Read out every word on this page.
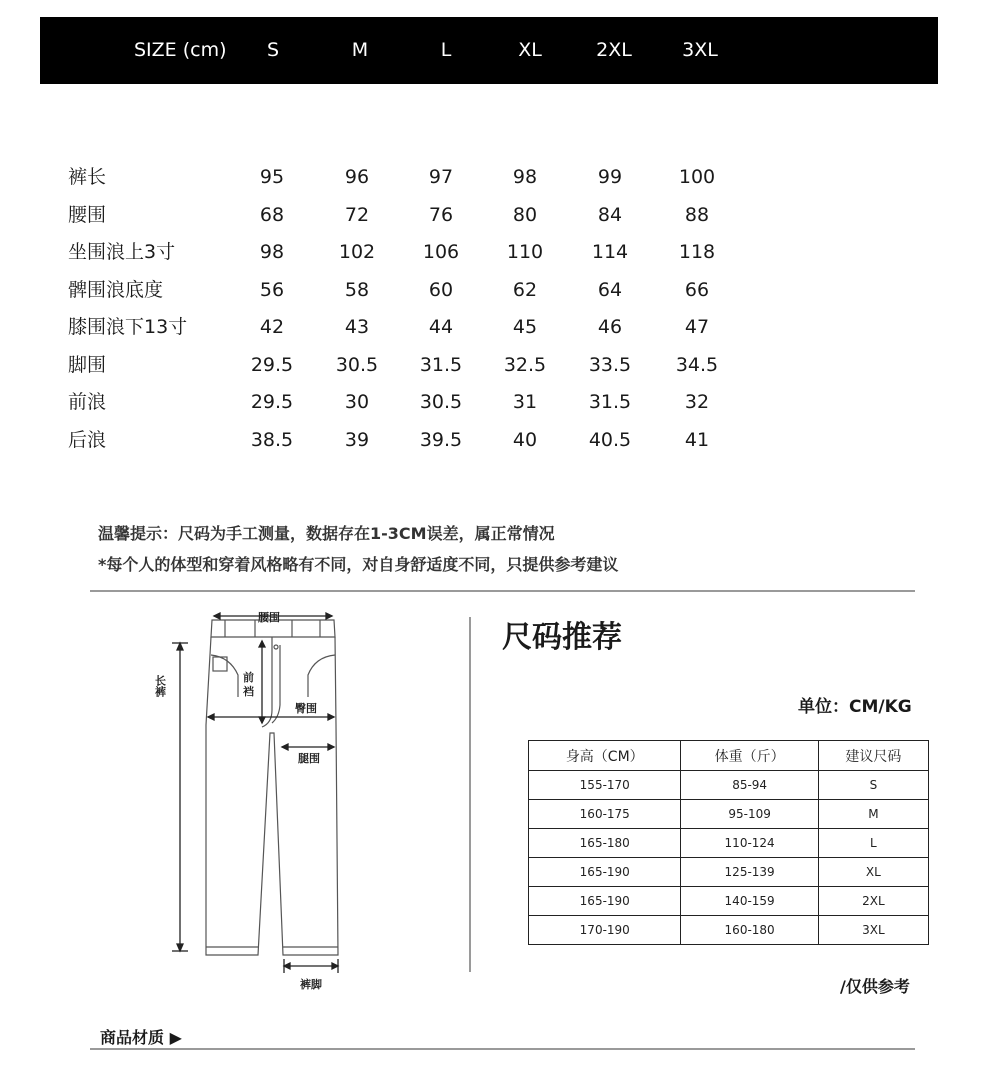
SIZE (cm) S	M	L	XL	2XL	3XL
裤长	95	96	97	98	99	100
腰围	68	72	76	80	84	88
坐围浪上3寸	98	102	106	110	114	118
髀围浪底度	56	58	60	62	64	66
膝围浪下13寸	42	43	44	45	46	47
脚围	29.5 30.5 31.5 32.5 33.5 34.5
前浪	29.5	30	30.5	31	31.5	32
后浪	38.5	39	39.5	40	40.5	41
温馨提示：尺码为手工测量，数据存在1-3CM误差，属正常情况
*每个人的体型和穿着风格略有不同，对自身舒适度不同，只提供参考建议
腰围
长裤	前
裆
臀围
腿围
裤脚
尺码推荐
单位：CM/KG
身高（CM）	体重（斤）	建议尺码
155-170	85-94	S
160-175	95-109	M
165-180	110-124	L
165-190	125-139	XL
165-190	140-159	2XL
170-190	160-180	3XL
/仅供参考
商品材质 ▶
